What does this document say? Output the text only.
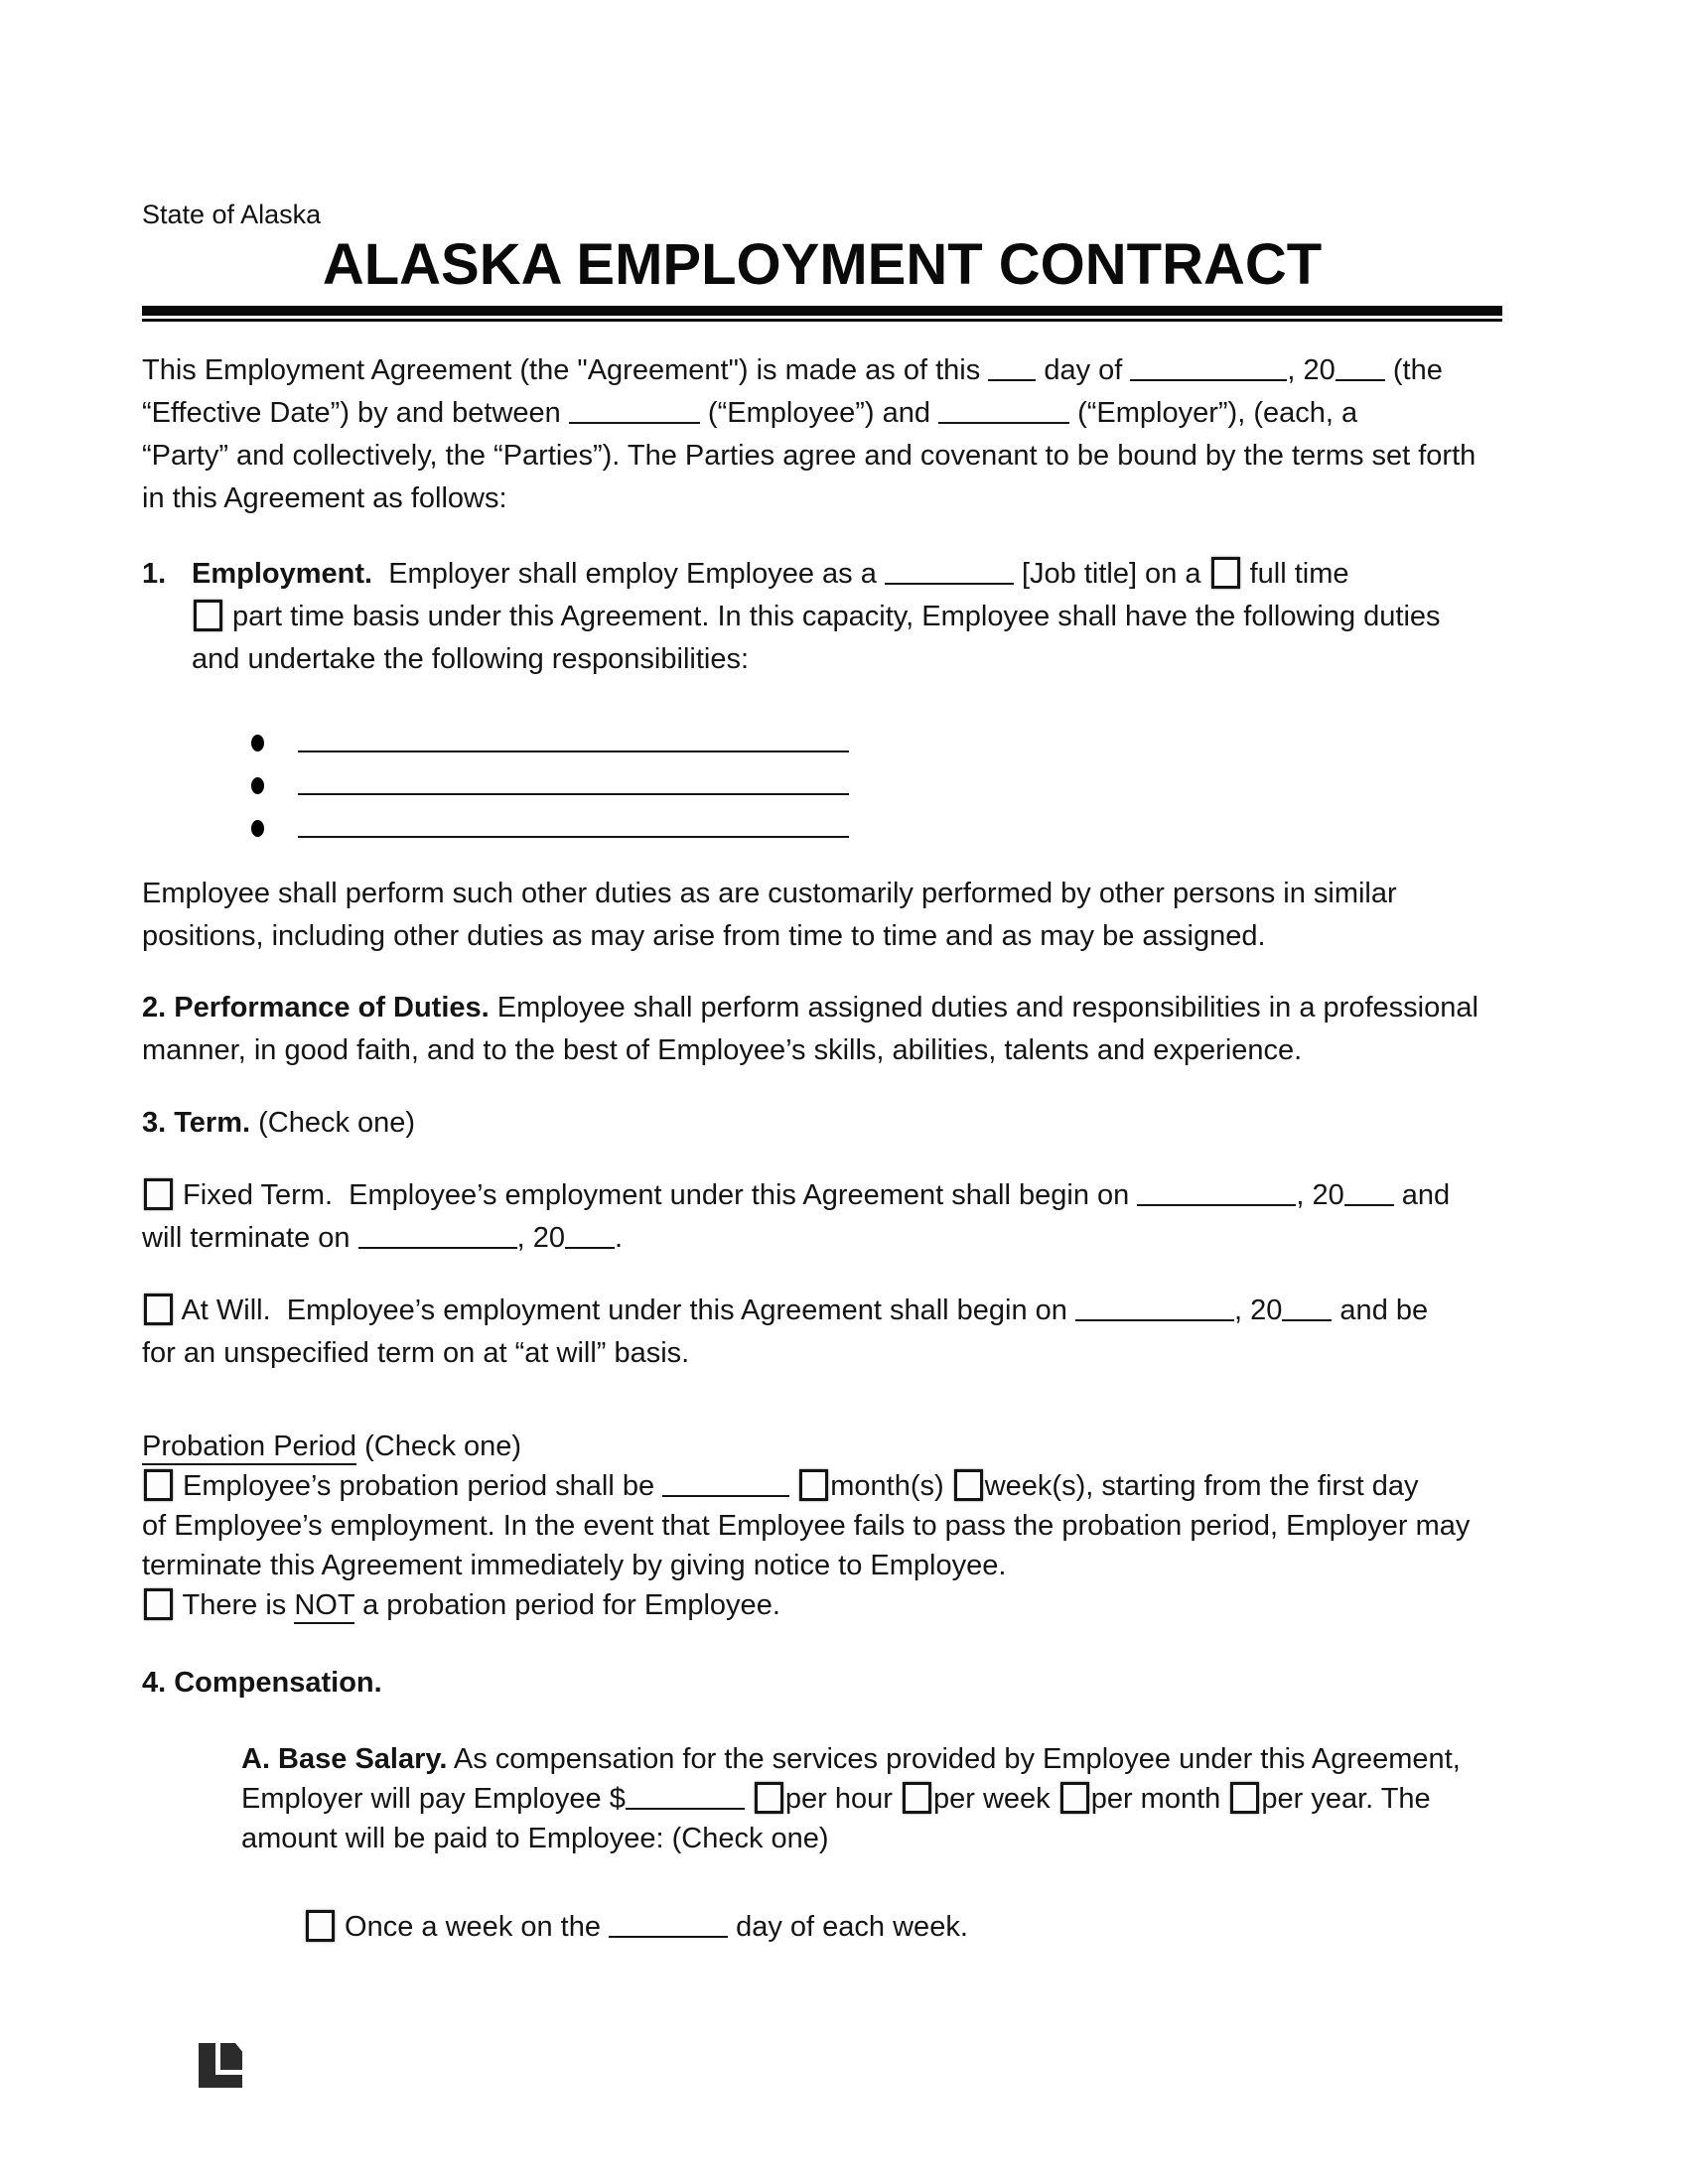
State of Alaska
ALASKA EMPLOYMENT CONTRACT
This Employment Agreement (the "Agreement") is made as of this  day of	, 20 (the
“Effective Date”) by and between	(“Employee”) and	(“Employer”), (each, a
“Party” and collectively, the “Parties”). The Parties agree and covenant to be bound by the terms set forth
in this Agreement as follows:
1. Employment.  Employer shall employ Employee as a	[Job title] on a  full time
part time basis under this Agreement. In this capacity, Employee shall have the following duties
and undertake the following responsibilities:
Employee shall perform such other duties as are customarily performed by other persons in similar
positions, including other duties as may arise from time to time and as may be assigned.
2. Performance of Duties. Employee shall perform assigned duties and responsibilities in a professional
manner, in good faith, and to the best of Employee’s skills, abilities, talents and experience.
3. Term. (Check one)
Fixed Term.  Employee’s employment under this Agreement shall begin on	, 20 and
will terminate on	, 20 .
At Will.  Employee’s employment under this Agreement shall begin on	, 20 and be
for an unspecified term on at “at will” basis.
Probation Period (Check one)
Employee’s probation period shall be	month(s) week(s), starting from the first day
of Employee’s employment. In the event that Employee fails to pass the probation period, Employer may
terminate this Agreement immediately by giving notice to Employee.
There is NOT a probation period for Employee.
4. Compensation.
A. Base Salary. As compensation for the services provided by Employee under this Agreement,
Employer will pay Employee $	per hour per week per month per year. The
amount will be paid to Employee: (Check one)
Once a week on the	day of each week.
